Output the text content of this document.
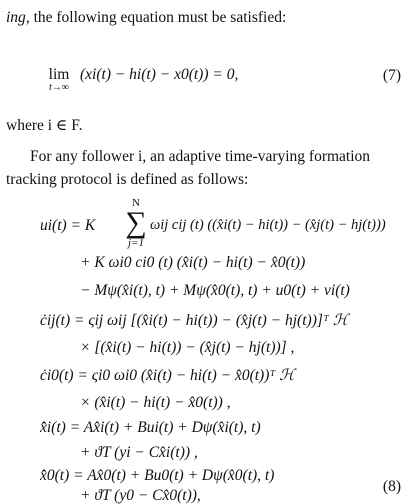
ing, the following equation must be satisfied:
lim
t→∞
(xi(t) − hi(t) − x0(t)) = 0,	(7)
where i ∈ F.
For any follower i, an adaptive time-varying formation
tracking protocol is defined as follows:
ui(t) = K
N
∑
j=1
ωij cij (t) ((x̂i(t) − hi(t)) − (x̂j(t) − hj(t)))
+ K ωi0 ci0 (t) (x̂i(t) − hi(t) − x̂0(t))
− Mψ(x̂i(t), t) + Mψ(x̂0(t), t) + u0(t) + vi(t)
ċij(t) = ςij ωij [(x̂i(t) − hi(t)) − (x̂j(t) − hj(t))]ᵀ ℋ
× [(x̂i(t) − hi(t)) − (x̂j(t) − hj(t))] ,
ċi0(t) = ςi0 ωi0 (x̂i(t) − hi(t) − x̂0(t))ᵀ ℋ
× (x̂i(t) − hi(t) − x̂0(t)) ,
x̂̇i(t) = Ax̂i(t) + Bui(t) + Dψ(x̂i(t), t)
+ ϑT (yi − Cx̂i(t)) ,
x̂̇0(t) = Ax̂0(t) + Bu0(t) + Dψ(x̂0(t), t)
+ ϑT (y0 − Cx̂0(t)),
(8)
